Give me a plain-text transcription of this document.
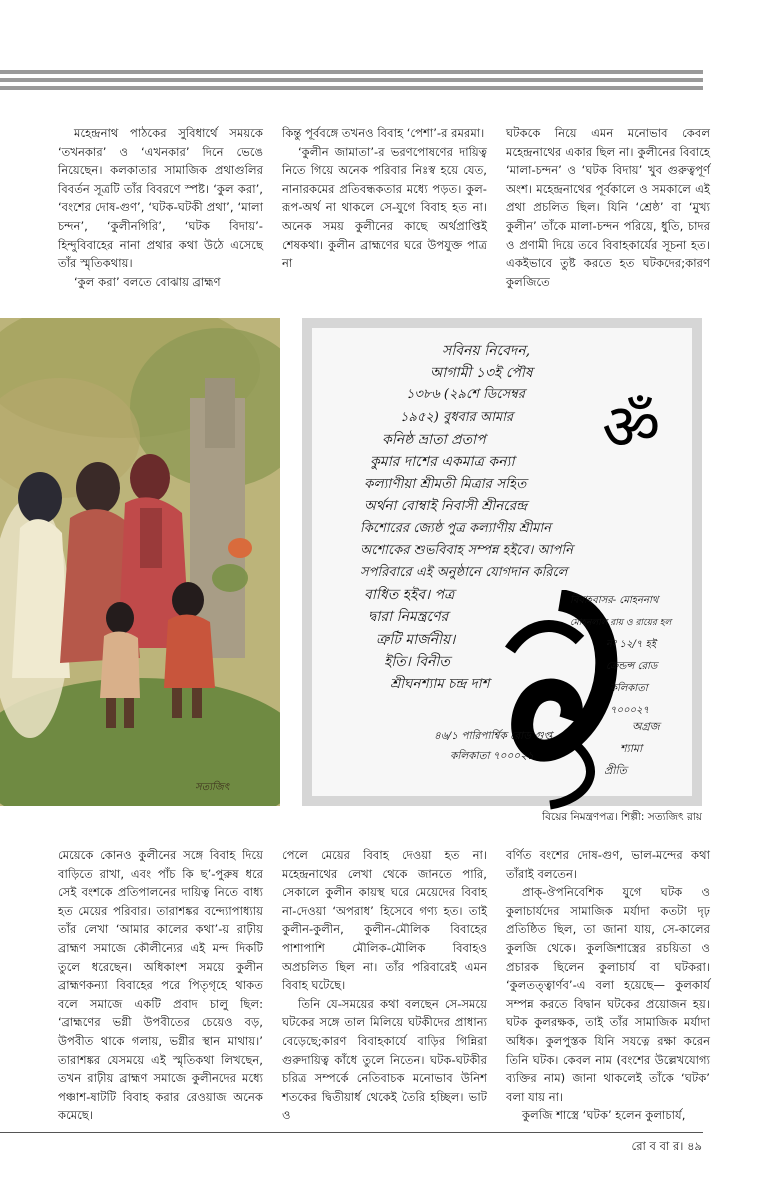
মহেন্দ্রনাথ পাঠকের সুবিধার্থে সময়কে ‘তখনকার’ ও ‘এখনকার’ দিনে ভেঙে নিয়েছেন। কলকাতার সামাজিক প্রথাগুলির বিবর্তন সূত্রটি তাঁর বিবরণে স্পষ্ট। ‘কুল করা’, ‘বংশের দোষ-গুণ’, ‘ঘটক-ঘটকী প্রথা’, ‘মালা চন্দন’, ‘কুলীনগিরি’, ‘ঘটক বিদায়’-হিন্দুবিবাহের নানা প্রথার কথা উঠে এসেছে তাঁর স্মৃতিকথায়।

‘কুল করা’ বলতে বোঝায় ব্রাহ্মণ

কিন্তু পূর্ববঙ্গে তখনও বিবাহ ‘পেশা’-র রমরমা।

‘কুলীন জামাতা’-র ভরণপোষণের দায়িত্ব নিতে গিয়ে অনেক পরিবার নিঃস্ব হয়ে যেত, নানারকমের প্রতিবন্ধকতার মধ্যে পড়ত। কুল-রূপ-অর্থ না থাকলে সে-যুগে বিবাহ হত না। অনেক সময় কুলীনের কাছে অর্থপ্রাপ্তিই শেষকথা। কুলীন ব্রাহ্মণের ঘরে উপযুক্ত পাত্র না

ঘটককে নিয়ে এমন মনোভাব কেবল মহেন্দ্রনাথের একার ছিল না। কুলীনের বিবাহে ‘মালা-চন্দন’ ও ‘ঘটক বিদায়’ খুব গুরুত্বপূর্ণ অংশ। মহেন্দ্রনাথের পূর্বকালে ও সমকালে এই প্রথা প্রচলিত ছিল। যিনি ‘শ্রেষ্ঠ’ বা ‘মুখ্য কুলীন’ তাঁকে মালা-চন্দন পরিয়ে, ধুতি, চাদর ও প্রণামী দিয়ে তবে বিবাহকার্যের সূচনা হত। একইভাবে তুষ্ট করতে হত ঘটকদের;কারণ কুলজিতে

সত্যজিৎ
সবিনয় নিবেদন,
আগামী ১৩ই পৌষ
১৩৮৬ (২৯শে ডিসেম্বর
১৯৫২) বুধবার আমার
কনিষ্ঠ ভ্রাতা প্রতাপ
কুমার দাশের একমাত্র কন্যা
কল্যাণীয়া শ্রীমতী মিত্রার সহিত
অর্থনা বোম্বাই নিবাসী শ্রীনরেন্দ্র
কিশোরের জ্যেষ্ঠ পুত্র কল্যাণীয় শ্রীমান
অশোকের শুভবিবাহ সম্পন্ন হইবে। আপনি
সপরিবারে এই অনুষ্ঠানে যোগদান করিলে
বাধিত হইব। পত্র
দ্বারা নিমন্ত্রণের
ত্রুটি মার্জনীয়।
ইতি। বিনীত
শ্রীঘনশ্যাম চন্দ্র দাশ
ॐ
বিবাহবাসর- মোহননাথ
মোহনলাল রায় ও রায়ের হল
নং ১২/৭ হই
ক্রেন্ডন্স রোড
কলিকাতা
৭০০০২৭
অগ্রজ
শ্যামা
প্রীতি
৪৬/১ পারিপার্শ্বিক রোড গুপ্ত
কলিকাতা ৭০০০২১
বিয়ের নিমন্ত্রণপত্র। শিল্পী: সত্যজিৎ রায়

মেয়েকে কোনও কুলীনের সঙ্গে বিবাহ দিয়ে বাড়িতে রাখা, এবং পাঁচ কি ছ’-পুরুষ ধরে সেই বংশকে প্রতিপালনের দায়িত্ব নিতে বাধ্য হত মেয়ের পরিবার। তারাশঙ্কর বন্দ্যোপাধ্যায় তাঁর লেখা ‘আমার কালের কথা’-য় রাঢ়ীয় ব্রাহ্মণ সমাজে কৌলীন্যের এই মন্দ দিকটি তুলে ধরেছেন। অধিকাংশ সময়ে কুলীন ব্রাহ্মণকন্যা বিবাহের পরে পিতৃগৃহে থাকত বলে সমাজে একটি প্রবাদ চালু ছিল: ‘ব্রাহ্মণের ভগ্নী উপবীতের চেয়েও বড়, উপবীত থাকে গলায়, ভগ্নীর স্থান মাথায়।’ তারাশঙ্কর যেসময়ে এই স্মৃতিকথা লিখছেন, তখন রাঢ়ীয় ব্রাহ্মণ সমাজে কুলীনদের মধ্যে পঞ্চাশ-ষাটটি বিবাহ করার রেওয়াজ অনেক কমেছে।

পেলে মেয়ের বিবাহ দেওয়া হত না। মহেন্দ্রনাথের লেখা থেকে জানতে পারি, সেকালে কুলীন কায়স্থ ঘরে মেয়েদের বিবাহ না-দেওয়া ‘অপরাধ’ হিসেবে গণ্য হত। তাই কুলীন-কুলীন, কুলীন-মৌলিক বিবাহের পাশাপাশি মৌলিক-মৌলিক বিবাহও অপ্রচলিত ছিল না। তাঁর পরিবারেই এমন বিবাহ ঘটেছে।

তিনি যে-সময়ের কথা বলছেন সে-সময়ে ঘটকের সঙ্গে তাল মিলিয়ে ঘটকীদের প্রাধান্য বেড়েছে;কারণ বিবাহকার্যে বাড়ির গিন্নিরা গুরুদায়িত্ব কাঁধে তুলে নিতেন। ঘটক-ঘটকীর চরিত্র সম্পর্কে নেতিবাচক মনোভাব উনিশ শতকের দ্বিতীয়ার্ধ থেকেই তৈরি হচ্ছিল। ভাট ও

বর্ণিত বংশের দোষ-গুণ, ভাল-মন্দের কথা তাঁরাই বলতেন।

প্রাক্-ঔপনিবেশিক যুগে ঘটক ও কুলাচার্যদের সামাজিক মর্যাদা কতটা দৃঢ় প্রতিষ্ঠিত ছিল, তা জানা যায়, সে-কালের কুলজি থেকে। কুলজিশাস্ত্রের রচয়িতা ও প্রচারক ছিলেন কুলাচার্য বা ঘটকরা। ‘কুলতত্ত্বার্ণব’-এ বলা হয়েছে— কুলকার্য সম্পন্ন করতে বিদ্বান ঘটকের প্রয়োজন হয়। ঘটক কুলরক্ষক, তাই তাঁর সামাজিক মর্যাদা অধিক। কুলপুস্তক যিনি সযত্নে রক্ষা করেন তিনি ঘটক। কেবল নাম (বংশের উল্লেখযোগ্য ব্যক্তির নাম) জানা থাকলেই তাঁকে ‘ঘটক’ বলা যায় না।

কুলজি শাস্ত্রে ‘ঘটক’ হলেন কুলাচার্য,

রো ব বা র। ৪৯
